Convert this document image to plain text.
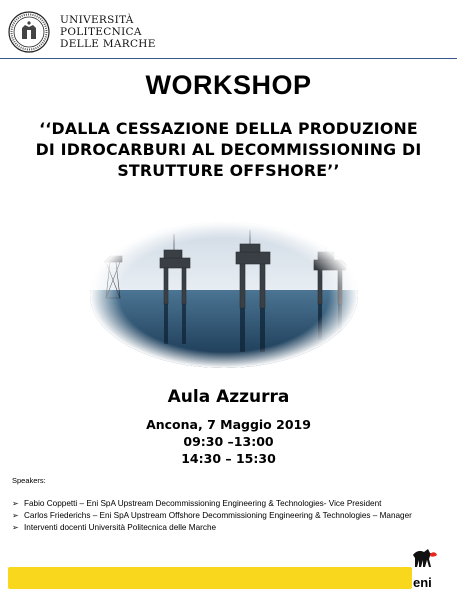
UNIVERSITÀ
POLITECNICA
DELLE MARCHE
WORKSHOP
‘‘DALLA CESSAZIONE DELLA PRODUZIONE
DI IDROCARBURI AL DECOMMISSIONING DI
STRUTTURE OFFSHORE’’
Aula Azzurra
Ancona, 7 Maggio 2019
09:30 –13:00
14:30 – 15:30
Speakers:
➢ Fabio Coppetti – Eni SpA Upstream Decommissioning Engineering & Technologies- Vice President
➢ Carlos Friederichs – Eni SpA Upstream Offshore Decommissioning Engineering & Technologies – Manager
➢ Interventi docenti Università Politecnica delle Marche
eni
